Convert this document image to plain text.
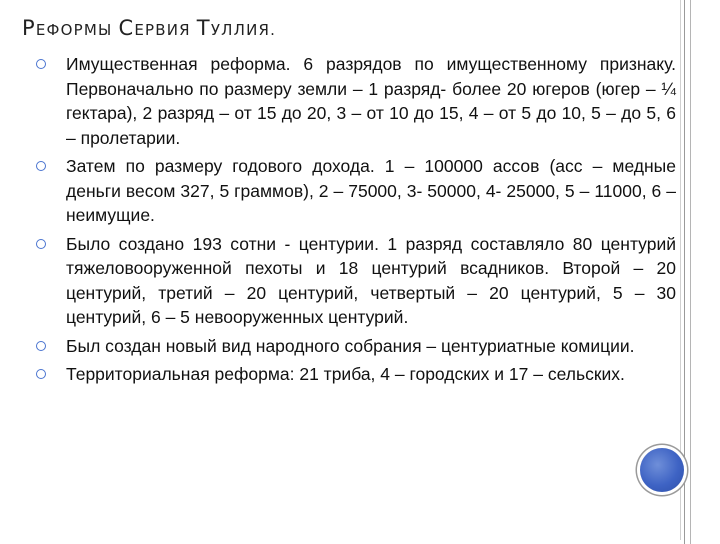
РЕФОРМЫ СЕРВИЯ ТУЛЛИЯ.
Имущественная реформа. 6 разрядов по имущественному признаку. Первоначально по размеру земли – 1 разряд- более 20 югеров (югер – ¼ гектара), 2 разряд – от 15 до 20, 3 – от 10 до 15, 4 – от 5 до 10, 5 – до 5, 6 – пролетарии.
Затем по размеру годового дохода. 1 – 100000 ассов (асс – медные деньги весом 327, 5 граммов), 2 – 75000, 3- 50000, 4- 25000, 5 – 11000, 6 – неимущие.
Было создано 193 сотни - центурии. 1 разряд составляло 80 центурий тяжеловооруженной пехоты и 18 центурий всадников. Второй – 20 центурий, третий – 20 центурий, четвертый – 20 центурий, 5 – 30 центурий, 6 – 5 невооруженных центурий.
Был создан новый вид народного собрания – центуриатные комиции.
Территориальная реформа: 21 триба, 4 – городских и 17 – сельских.
